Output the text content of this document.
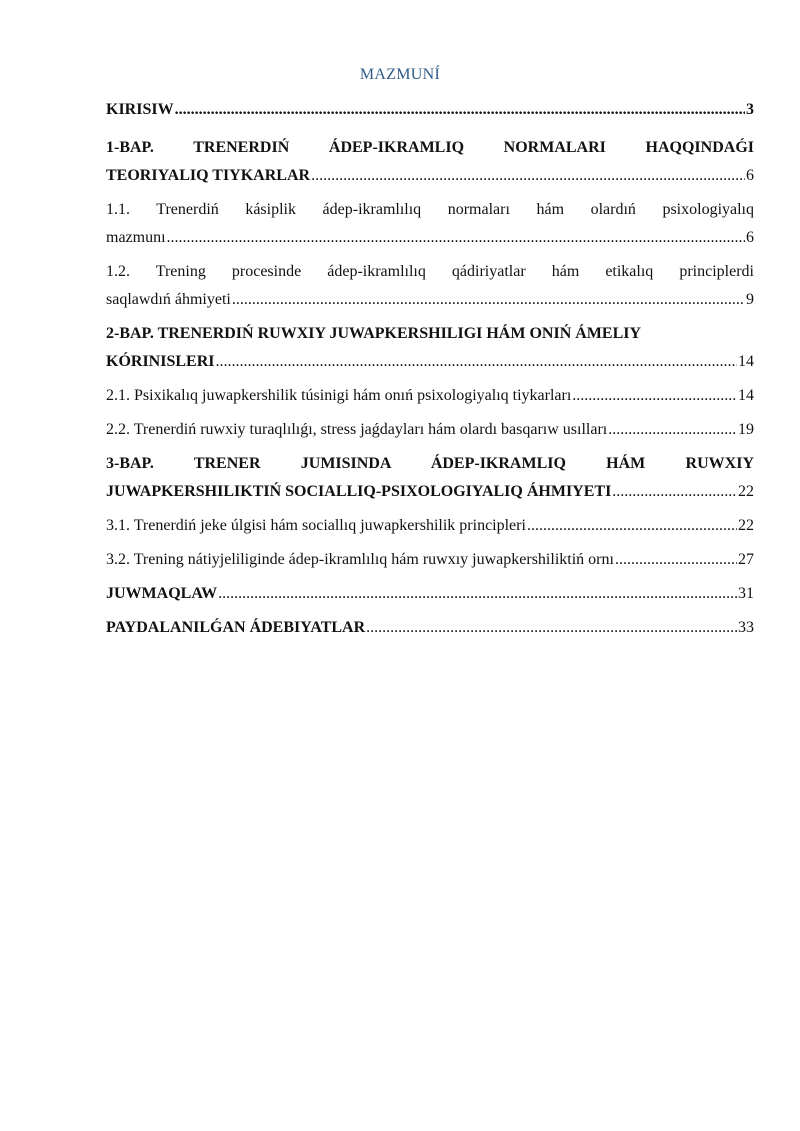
MAZMUNÍ
KIRISIW .....	3
1-BAP. TRENERDIŃ ÁDEP-IKRAMLIQ NORMALARI HAQQINDAǴI
TEORIYALIQ TIYKARLAR .....	6
1.1. Trenerdiń kásiplik ádep-ikramlılıq normaları hám olardıń psixologiyalıq
mazmunı .....	6
1.2. Trening procesinde ádep-ikramlılıq qádiriyatlar hám etikalıq principlerdi
saqlawdıń áhmiyeti .....	9
2-BAP. TRENERDIŃ RUWXIY JUWAPKERSHILIGI HÁM ONIŃ ÁMELIY
KÓRINISLERI .....	14
2.1. Psixikalıq juwapkershilik túsinigi hám onıń psixologiyalıq tiykarları .....	14
2.2. Trenerdiń ruwxiy turaqlılıǵı, stress jaǵdayları hám olardı basqarıw usılları .....	19
3-BAP. TRENER JUMISINDA ÁDEP-IKRAMLIQ HÁM RUWXIY
JUWAPKERSHILIKTIŃ SOCIALLIQ-PSIXOLOGIYALIQ ÁHMIYETI .....	22
3.1. Trenerdiń jeke úlgisi hám sociallıq juwapkershilik principleri .....	22
3.2. Trening nátiyjeliliginde ádep-ikramlılıq hám ruwxıy juwapkershiliktiń ornı .....	27
JUWMAQLAW .....	31
PAYDALANILǴAN ÁDEBIYATLAR .....	33
